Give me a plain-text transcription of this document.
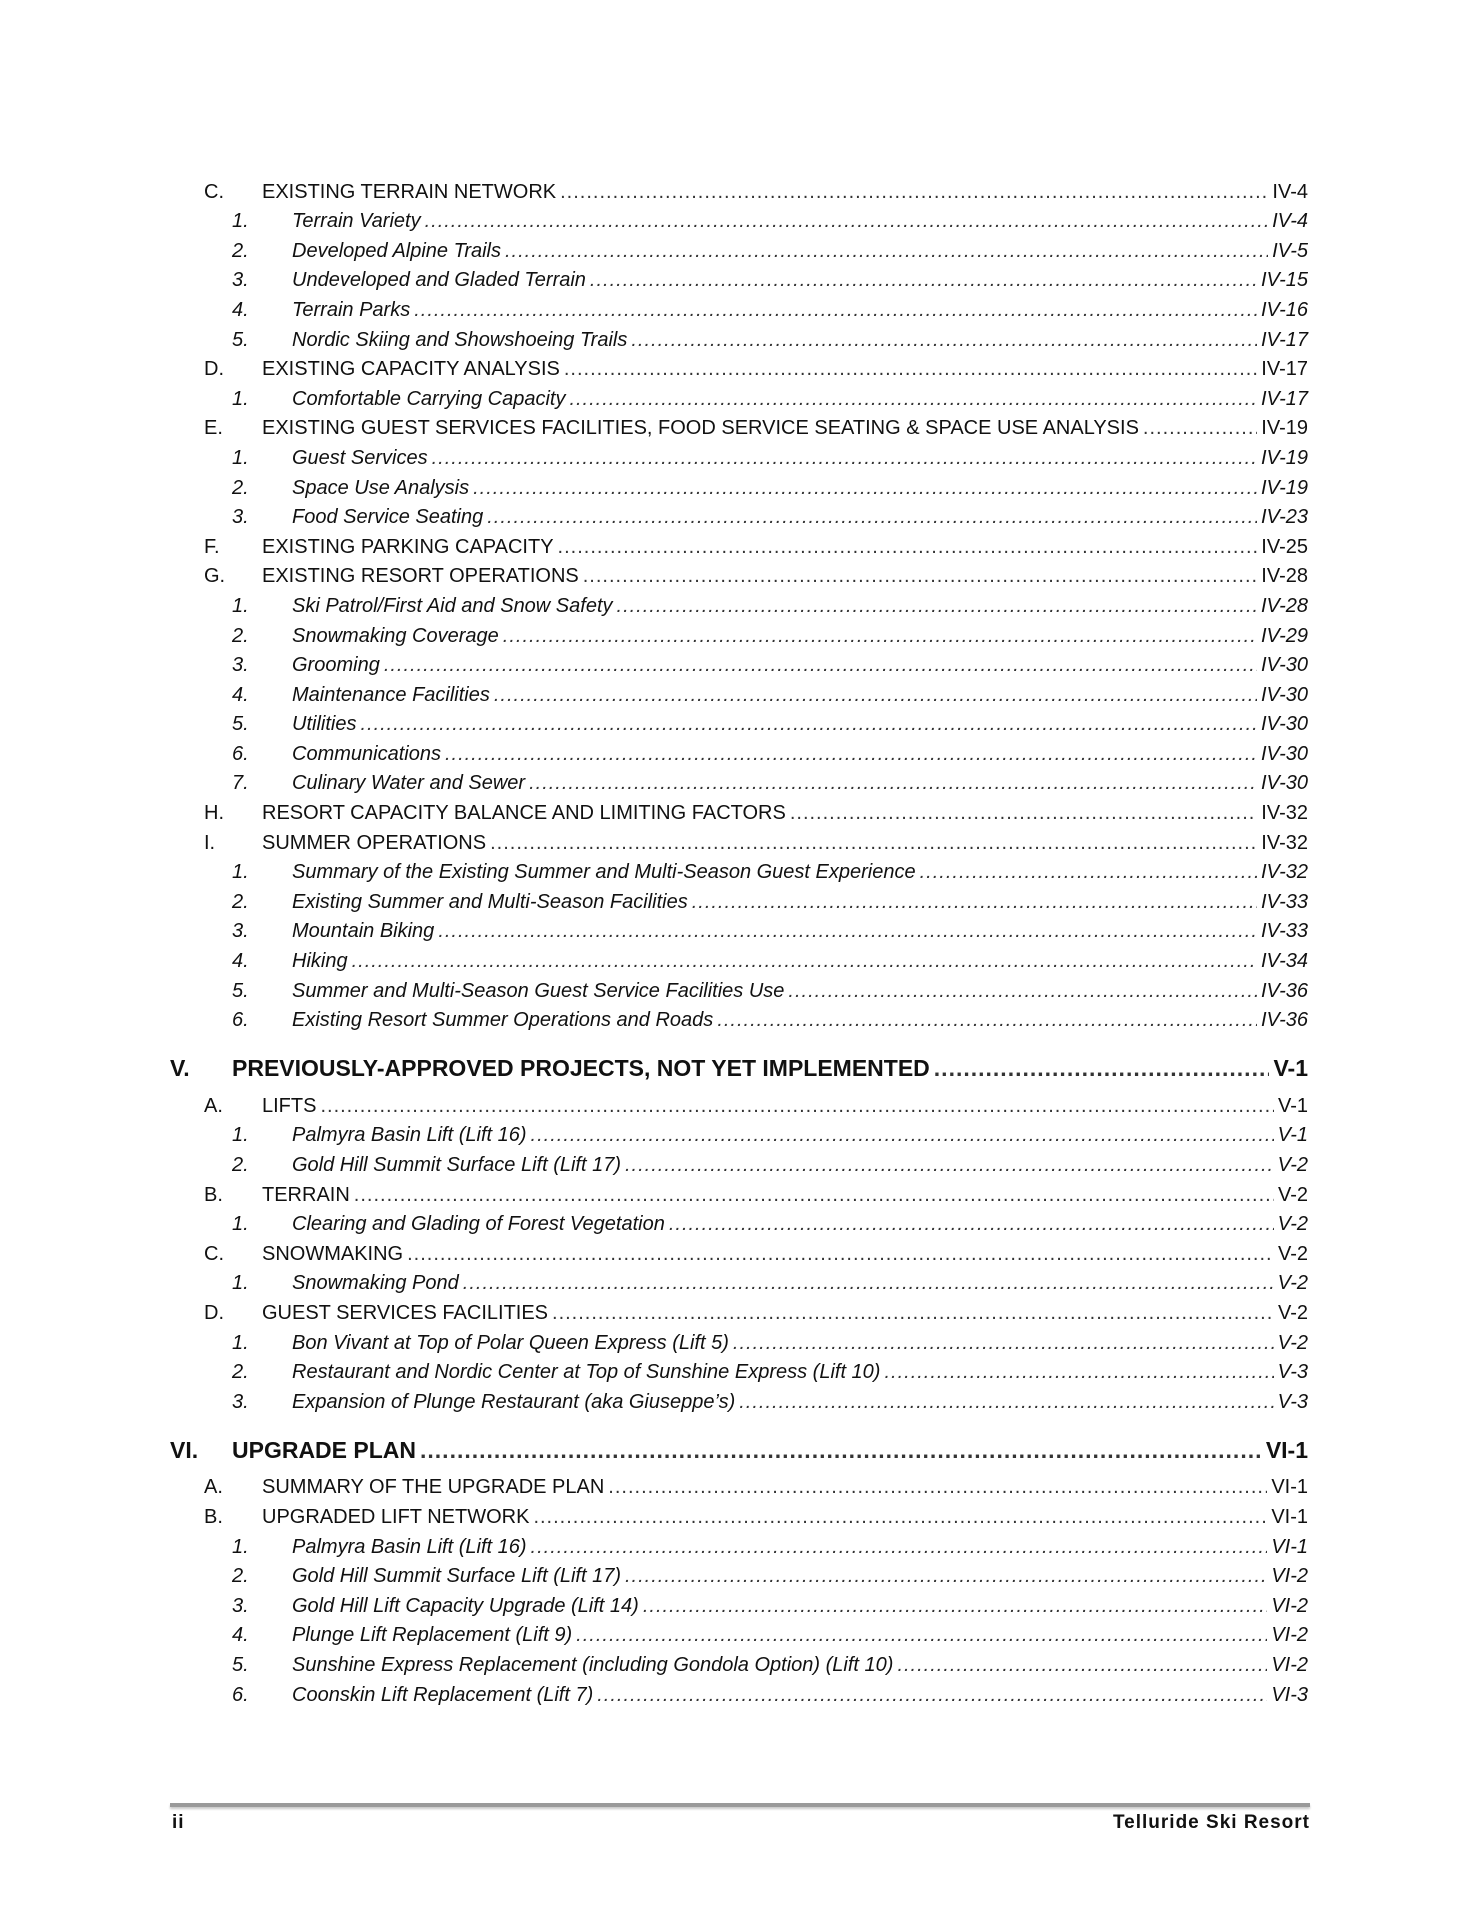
C. EXISTING TERRAIN NETWORK .....	IV-4
1. Terrain Variety .....	IV-4
2. Developed Alpine Trails .....	IV-5
3. Undeveloped and Gladed Terrain .....	IV-15
4. Terrain Parks .....	IV-16
5. Nordic Skiing and Showshoeing Trails .....	IV-17
D. EXISTING CAPACITY ANALYSIS .....	IV-17
1. Comfortable Carrying Capacity .....	IV-17
E. EXISTING GUEST SERVICES FACILITIES, FOOD SERVICE SEATING & SPACE USE ANALYSIS .....	IV-19
1. Guest Services .....	IV-19
2. Space Use Analysis .....	IV-19
3. Food Service Seating .....	IV-23
F. EXISTING PARKING CAPACITY .....	IV-25
G. EXISTING RESORT OPERATIONS .....	IV-28
1. Ski Patrol/First Aid and Snow Safety .....	IV-28
2. Snowmaking Coverage .....	IV-29
3. Grooming .....	IV-30
4. Maintenance Facilities .....	IV-30
5. Utilities .....	IV-30
6. Communications .....	IV-30
7. Culinary Water and Sewer .....	IV-30
H. RESORT CAPACITY BALANCE AND LIMITING FACTORS .....	IV-32
I. SUMMER OPERATIONS .....	IV-32
1. Summary of the Existing Summer and Multi-Season Guest Experience .....	IV-32
2. Existing Summer and Multi-Season Facilities .....	IV-33
3. Mountain Biking .....	IV-33
4. Hiking .....	IV-34
5. Summer and Multi-Season Guest Service Facilities Use .....	IV-36
6. Existing Resort Summer Operations and Roads .....	IV-36
V. PREVIOUSLY-APPROVED PROJECTS, NOT YET IMPLEMENTED .....	V-1
A. LIFTS .....	V-1
1. Palmyra Basin Lift (Lift 16) .....	V-1
2. Gold Hill Summit Surface Lift (Lift 17) .....	V-2
B. TERRAIN .....	V-2
1. Clearing and Glading of Forest Vegetation .....	V-2
C. SNOWMAKING .....	V-2
1. Snowmaking Pond .....	V-2
D. GUEST SERVICES FACILITIES .....	V-2
1. Bon Vivant at Top of Polar Queen Express (Lift 5) .....	V-2
2. Restaurant and Nordic Center at Top of Sunshine Express (Lift 10) .....	V-3
3. Expansion of Plunge Restaurant (aka Giuseppe’s) .....	V-3
VI. UPGRADE PLAN .....	VI-1
A. SUMMARY OF THE UPGRADE PLAN .....	VI-1
B. UPGRADED LIFT NETWORK .....	VI-1
1. Palmyra Basin Lift (Lift 16) .....	VI-1
2. Gold Hill Summit Surface Lift (Lift 17) .....	VI-2
3. Gold Hill Lift Capacity Upgrade (Lift 14) .....	VI-2
4. Plunge Lift Replacement (Lift 9) .....	VI-2
5. Sunshine Express Replacement (including Gondola Option) (Lift 10) .....	VI-2
6. Coonskin Lift Replacement (Lift 7) .....	VI-3
ii	Telluride Ski Resort
